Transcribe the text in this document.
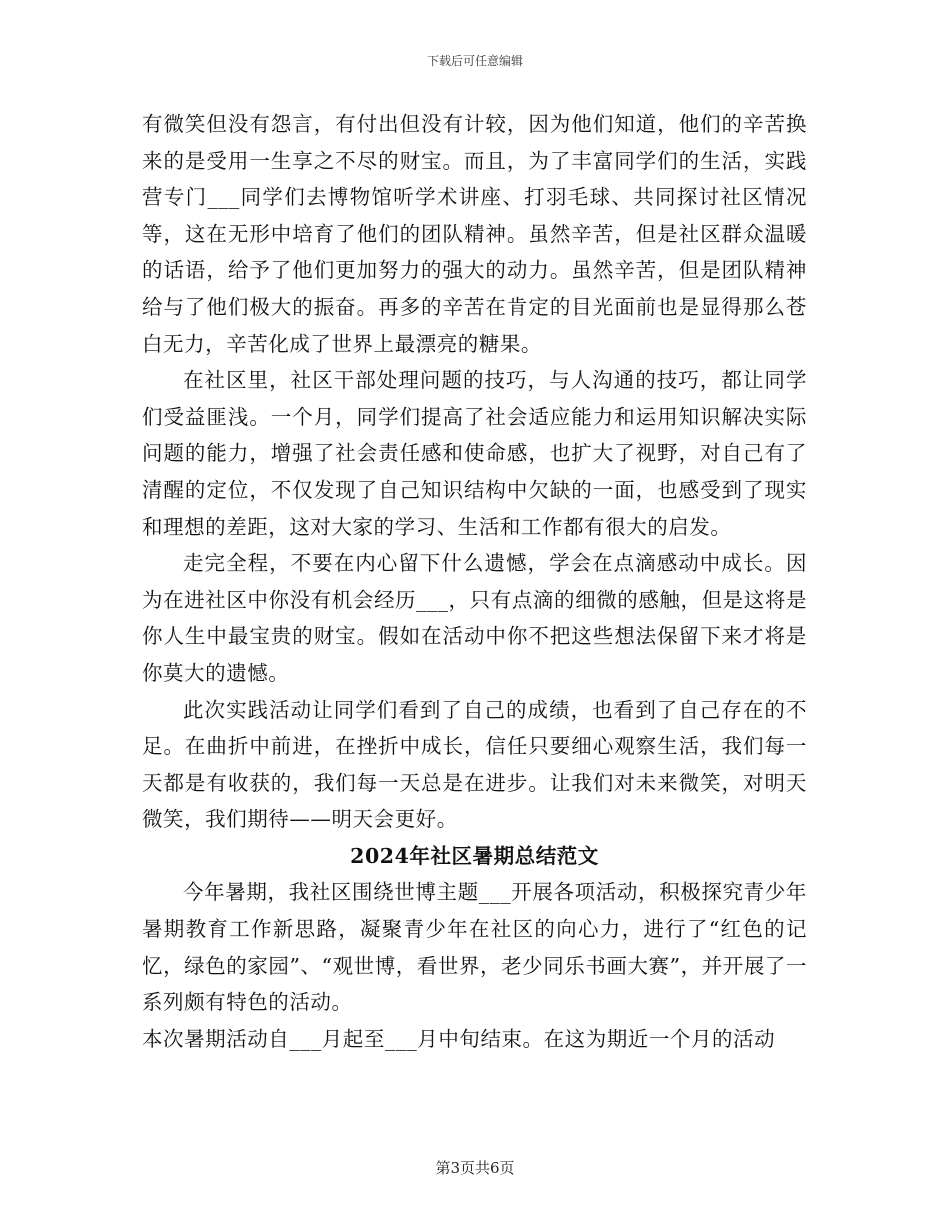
下载后可任意编辑

有微笑但没有怨言，有付出但没有计较，因为他们知道，他们的辛苦换来的是受用一生享之不尽的财宝。而且，为了丰富同学们的生活，实践营专门___同学们去博物馆听学术讲座、打羽毛球、共同探讨社区情况等，这在无形中培育了他们的团队精神。虽然辛苦，但是社区群众温暖的话语，给予了他们更加努力的强大的动力。虽然辛苦，但是团队精神给与了他们极大的振奋。再多的辛苦在肯定的目光面前也是显得那么苍白无力，辛苦化成了世界上最漂亮的糖果。

在社区里，社区干部处理问题的技巧，与人沟通的技巧，都让同学们受益匪浅。一个月，同学们提高了社会适应能力和运用知识解决实际问题的能力，增强了社会责任感和使命感，也扩大了视野，对自己有了清醒的定位，不仅发现了自己知识结构中欠缺的一面，也感受到了现实和理想的差距，这对大家的学习、生活和工作都有很大的启发。

走完全程，不要在内心留下什么遗憾，学会在点滴感动中成长。因为在进社区中你没有机会经历___，只有点滴的细微的感触，但是这将是你人生中最宝贵的财宝。假如在活动中你不把这些想法保留下来才将是你莫大的遗憾。

此次实践活动让同学们看到了自己的成绩，也看到了自己存在的不足。在曲折中前进，在挫折中成长，信任只要细心观察生活，我们每一天都是有收获的，我们每一天总是在进步。让我们对未来微笑，对明天微笑，我们期待——明天会更好。

2024年社区暑期总结范文

今年暑期，我社区围绕世博主题___开展各项活动，积极探究青少年暑期教育工作新思路，凝聚青少年在社区的向心力，进行了“红色的记忆，绿色的家园”、“观世博，看世界，老少同乐书画大赛”，并开展了一系列颇有特色的活动。

本次暑期活动自___月起至___月中旬结束。在这为期近一个月的活动

第3页共6页
